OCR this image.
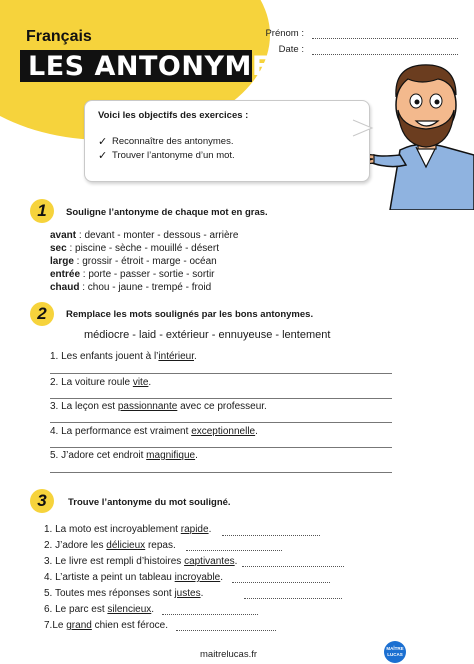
Français
LES ANTONYMES
Prénom :
Date :
Voici les objectifs des exercices :
✓ Reconnaître des antonymes.
✓ Trouver l’antonyme d’un mot.
1	Souligne l’antonyme de chaque mot en gras.
avant : devant - monter - dessous - arrière
sec : piscine - sèche - mouillé - désert
large : grossir - étroit - marge - océan
entrée : porte - passer - sortie - sortir
chaud : chou - jaune - trempé - froid
2	Remplace les mots soulignés par les bons antonymes.
médiocre - laid - extérieur - ennuyeuse - lentement
1. Les enfants jouent à l’intérieur.
2. La voiture roule vite.
3. La leçon est passionnante avec ce professeur.
4. La performance est vraiment exceptionnelle.
5. J’adore cet endroit magnifique.
3	Trouve l’antonyme du mot souligné.
1. La moto est incroyablement rapide.
2. J’adore les délicieux repas.
3. Le livre est rempli d’histoires captivantes.
4. L’artiste a peint un tableau incroyable.
5. Toutes mes réponses sont justes.
6. Le parc est silencieux.
7.Le grand chien est féroce.
maitrelucas.fr
MAÎTRE
LUCAS
